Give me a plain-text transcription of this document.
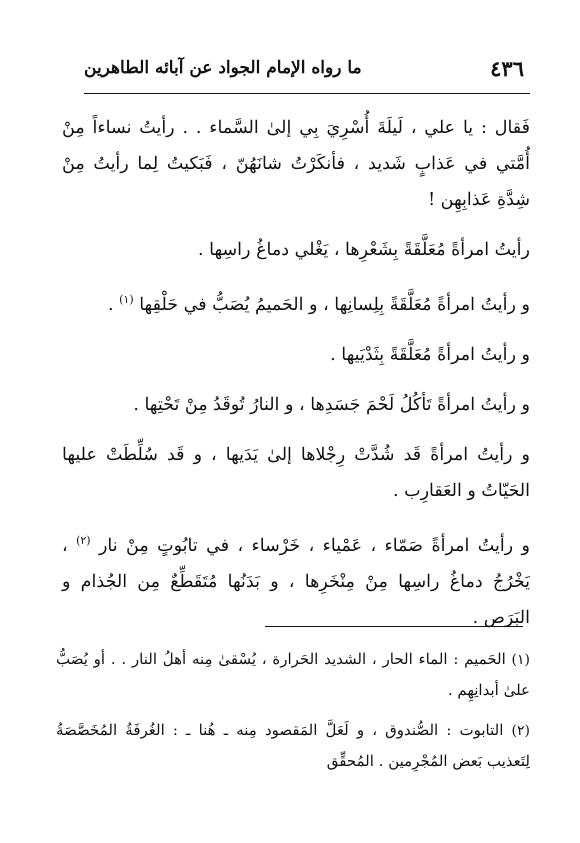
٤٣٦
ما رواه الإمام الجواد عن آبائه الطاهرين

فَقال : يا علي ، لَيلَةَ أُسْرِيَ بِي إلىٰ السَّماء . . رأيتُ نساءاً مِنْ أُمَّتي في عَذابٍ شَديد ، فأنكَرْتُ شانَهُنّ ، فَبَكيتُ لِما رأيتُ مِنْ شِدَّةِ عَذابِهِن !

رأيتُ امرأةً مُعَلَّقَةً بِشَعْرِها ، يَغْلي دماغُ راسِها .

و رأيتُ امرأةً مُعَلَّقَةً بِلِسانِها ، و الحَميمُ يُصَبُّ في حَلْقِها $^{(١)}$ .

و رأيتُ امرأةً مُعَلَّقَةً بِثَدْيَيها .

و رأيتُ امرأةً تَأكُلُ لَحْمَ جَسَدِها ، و النارُ تُوقَدُ مِنْ تَحْتِها .

و رأيتُ امرأةً قَد شُدَّتْ رِجْلاها إلىٰ يَدَيها ، و قَد سُلِّطَتْ عليها الحَيّاتُ و العَقارِب .

و رأيتُ امرأةً صَمّاء ، عَمْياء ، خَرْساء ، في تابُوتٍ مِنْ نار $^{(٢)}$ ، يَخْرُجُ دماغُ راسِها مِنْ مِنْخَرِها ، و بَدَنُها مُتَقَطِّعٌ مِن الجُذام و البَرَص .

(١) الحَميم : الماء الحار ، الشديد الحَرارة ، يُسْقىٰ مِنه أهلُ النار . . أو يُصَبُّ علىٰ أبدانِهِم .

(٢) التابوت : الصُّندوق ، و لَعَلَّ المَقصود مِنه ـ هُنا ـ : الغُرفَةُ المُخَصَّصَةُ لِتَعذيب بَعض المُجْرِمين . المُحقِّق
